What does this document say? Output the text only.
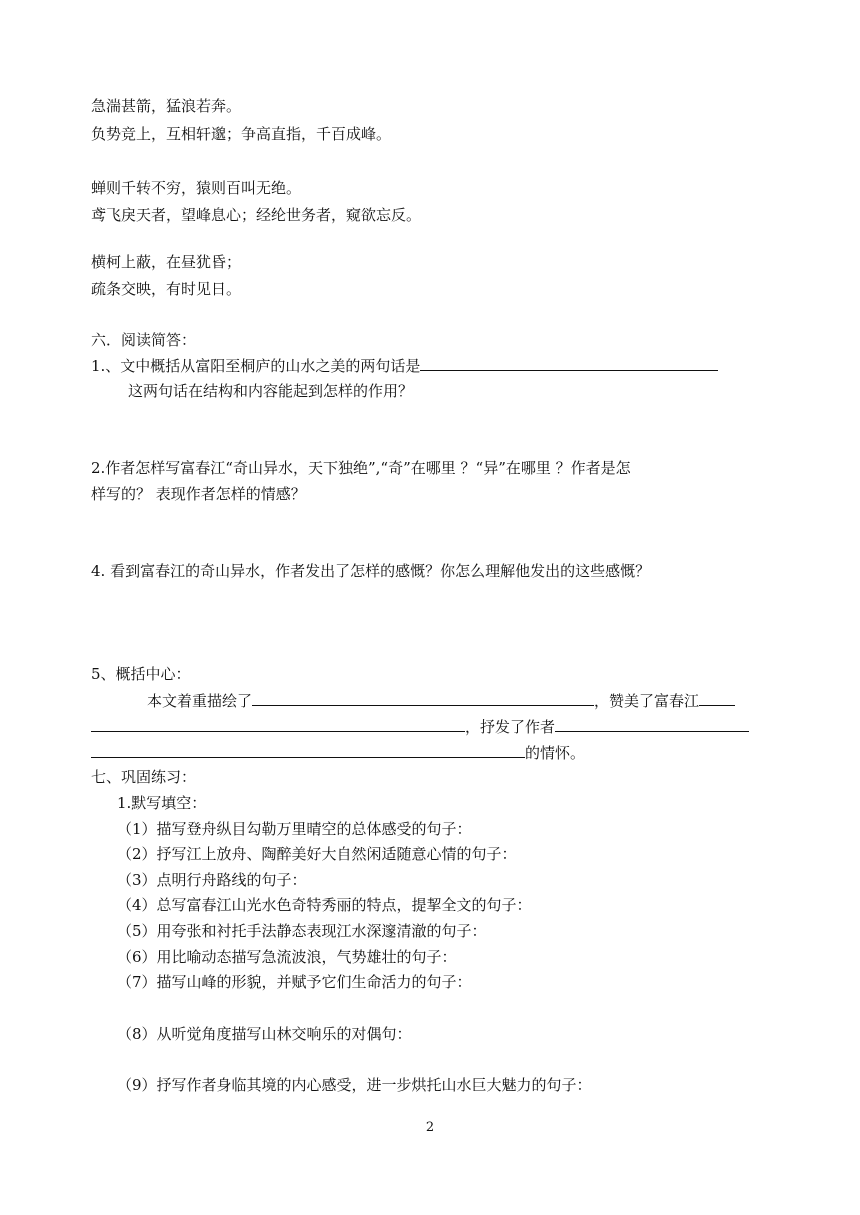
急湍甚箭，猛浪若奔。
负势竞上，互相轩邈；争高直指，千百成峰。
蝉则千转不穷，猿则百叫无绝。
鸢飞戾天者，望峰息心；经纶世务者，窥欲忘反。
横柯上蔽，在昼犹昏；
疏条交映，有时见日。
六．阅读简答：
1.、文中概括从富阳至桐庐的山水之美的两句话是
这两句话在结构和内容能起到怎样的作用？
2.作者怎样写富春江“奇山异水，天下独绝”,“奇”在哪里 ？“异”在哪里 ？作者是怎
样写的？ 表现作者怎样的情感？
4. 看到富春江的奇山异水，作者发出了怎样的感慨？你怎么理解他发出的这些感慨？
5、概括中心：
本文着重描绘了	，赞美了富春江
，抒发了作者
的情怀。
七、巩固练习：
1.默写填空：
（1）描写登舟纵目勾勒万里晴空的总体感受的句子：
（2）抒写江上放舟、陶醉美好大自然闲适随意心情的句子：
（3）点明行舟路线的句子：
（4）总写富春江山光水色奇特秀丽的特点，提挈全文的句子：
（5）用夸张和衬托手法静态表现江水深邃清澈的句子：
（6）用比喻动态描写急流波浪，气势雄壮的句子：
（7）描写山峰的形貌，并赋予它们生命活力的句子：
（8）从听觉角度描写山林交响乐的对偶句：
（9）抒写作者身临其境的内心感受，进一步烘托山水巨大魅力的句子：
2
